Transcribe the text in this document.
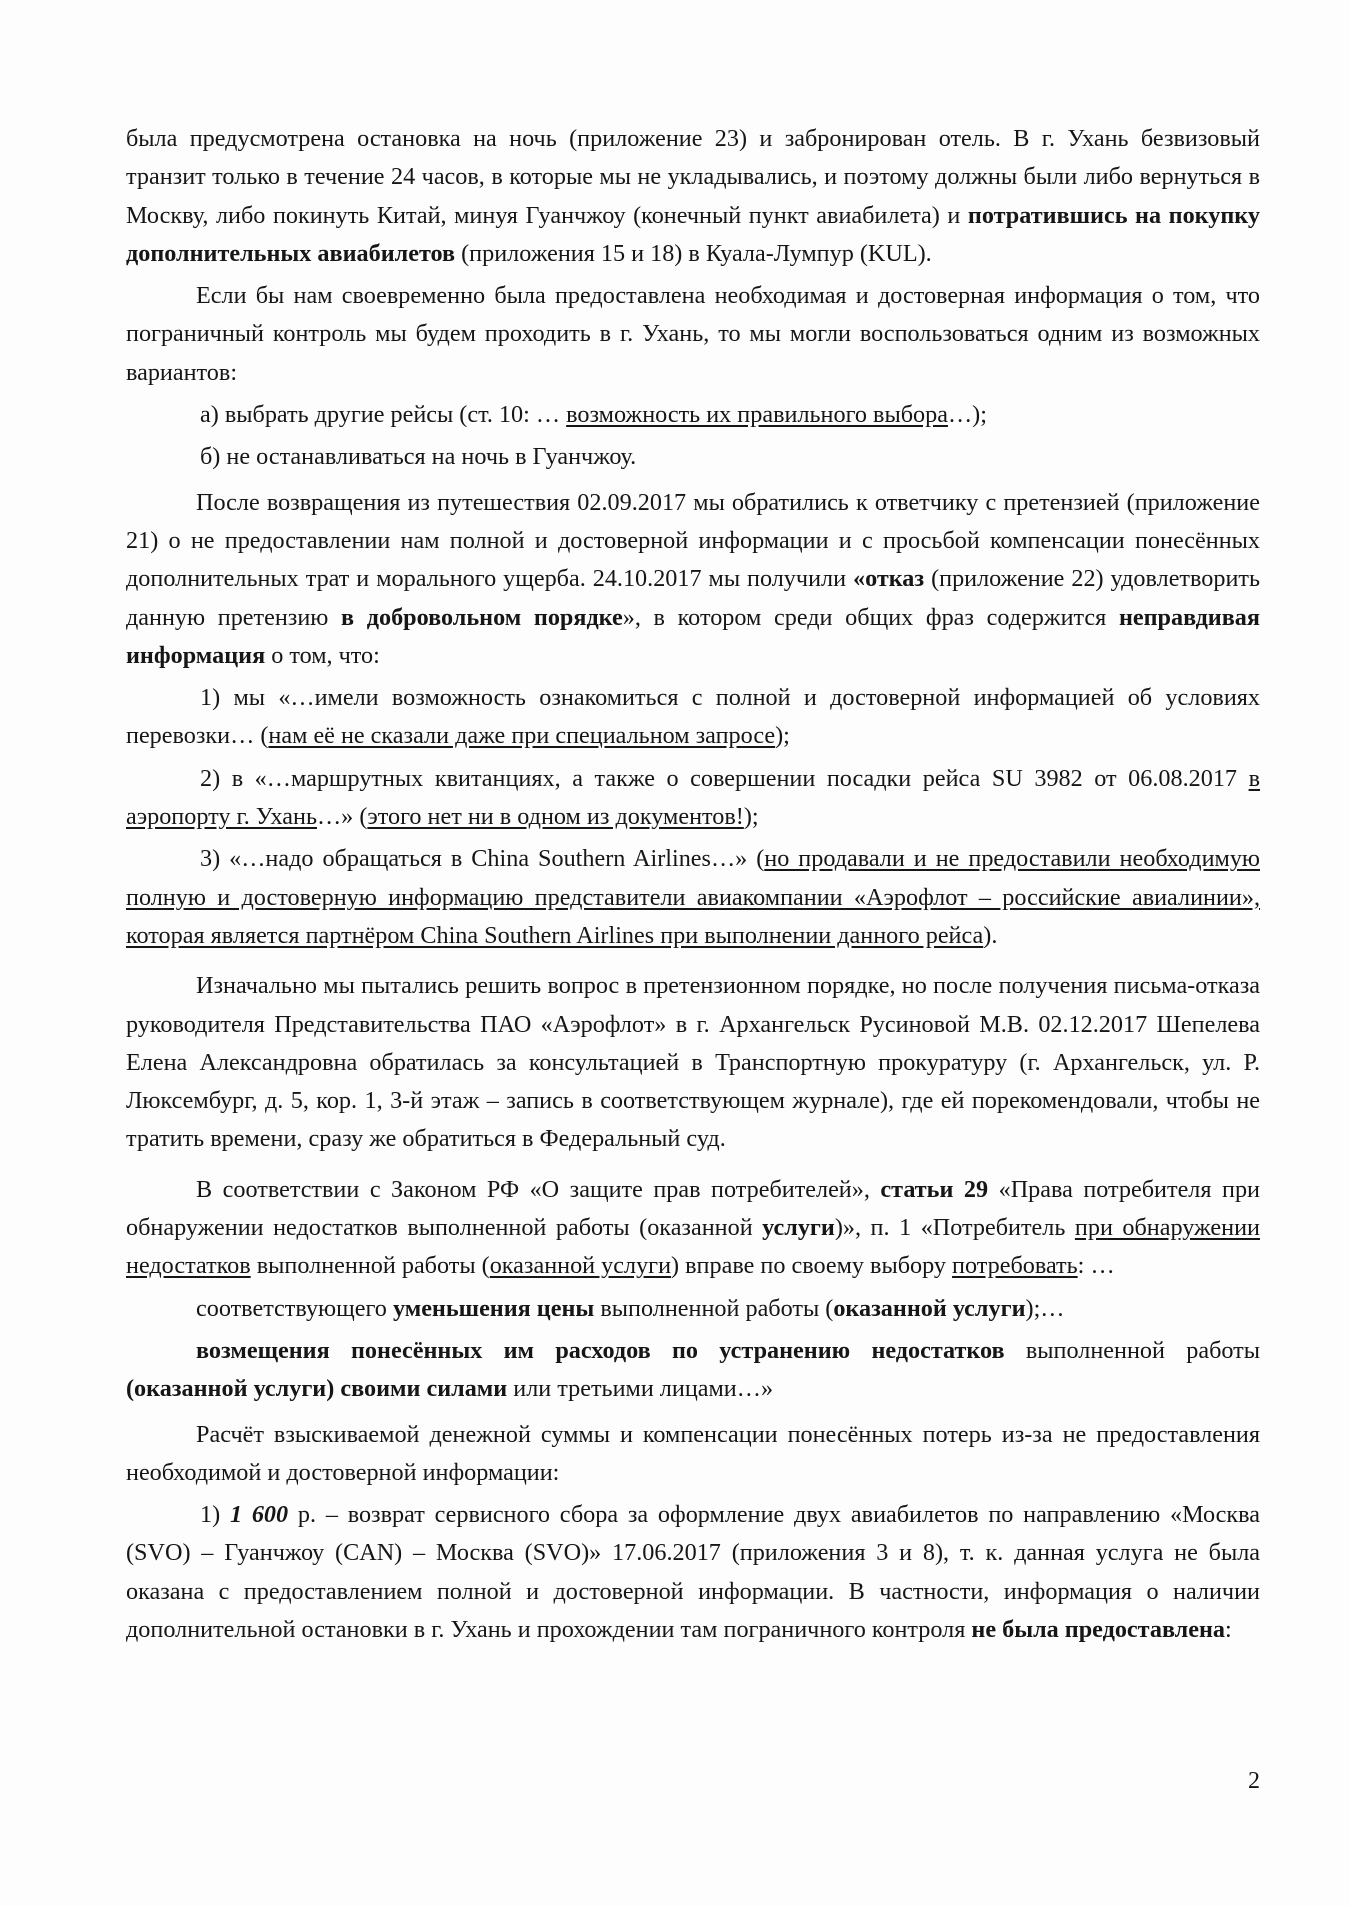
была предусмотрена остановка на ночь (приложение 23) и забронирован отель. В г. Ухань безвизовый транзит только в течение 24 часов, в которые мы не укладывались, и поэтому должны были либо вернуться в Москву, либо покинуть Китай, минуя Гуанчжоу (конечный пункт авиабилета) и потратившись на покупку дополнительных авиабилетов (приложения 15 и 18) в Куала-Лумпур (KUL).

Если бы нам своевременно была предоставлена необходимая и достоверная информация о том, что пограничный контроль мы будем проходить в г. Ухань, то мы могли воспользоваться одним из возможных вариантов:

а) выбрать другие рейсы (ст. 10: … возможность их правильного выбора…);

б) не останавливаться на ночь в Гуанчжоу.

После возвращения из путешествия 02.09.2017 мы обратились к ответчику с претензией (приложение 21) о не предоставлении нам полной и достоверной информации и с просьбой компенсации понесённых дополнительных трат и морального ущерба. 24.10.2017 мы получили «отказ (приложение 22) удовлетворить данную претензию в добровольном порядке», в котором среди общих фраз содержится неправдивая информация о том, что:

1) мы «…имели возможность ознакомиться с полной и достоверной информацией об условиях перевозки… (нам её не сказали даже при специальном запросе);

2) в «…маршрутных квитанциях, а также о совершении посадки рейса SU 3982 от 06.08.2017 в аэропорту г. Ухань…» (этого нет ни в одном из документов!);

3) «…надо обращаться в China Southern Airlines…» (но продавали и не предоставили необходимую полную и достоверную информацию представители авиакомпании «Аэрофлот – российские авиалинии», которая является партнёром China Southern Airlines при выполнении данного рейса).

Изначально мы пытались решить вопрос в претензионном порядке, но после получения письма-отказа руководителя Представительства ПАО «Аэрофлот» в г. Архангельск Русиновой М.В. 02.12.2017 Шепелева Елена Александровна обратилась за консультацией в Транспортную прокуратуру (г. Архангельск, ул. Р. Люксембург, д. 5, кор. 1, 3-й этаж – запись в соответствующем журнале), где ей порекомендовали, чтобы не тратить времени, сразу же обратиться в Федеральный суд.

В соответствии с Законом РФ «О защите прав потребителей», статьи 29 «Права потребителя при обнаружении недостатков выполненной работы (оказанной услуги)», п. 1 «Потребитель при обнаружении недостатков выполненной работы (оказанной услуги) вправе по своему выбору потребовать: …

соответствующего уменьшения цены выполненной работы (оказанной услуги);…

возмещения понесённых им расходов по устранению недостатков выполненной работы (оказанной услуги) своими силами или третьими лицами…»

Расчёт взыскиваемой денежной суммы и компенсации понесённых потерь из-за не предоставления необходимой и достоверной информации:

1) 1 600 р. – возврат сервисного сбора за оформление двух авиабилетов по направлению «Москва (SVO) – Гуанчжоу (CAN) – Москва (SVO)» 17.06.2017 (приложения 3 и 8), т. к. данная услуга не была оказана с предоставлением полной и достоверной информации. В частности, информация о наличии дополнительной остановки в г. Ухань и прохождении там пограничного контроля не была предоставлена:

2
